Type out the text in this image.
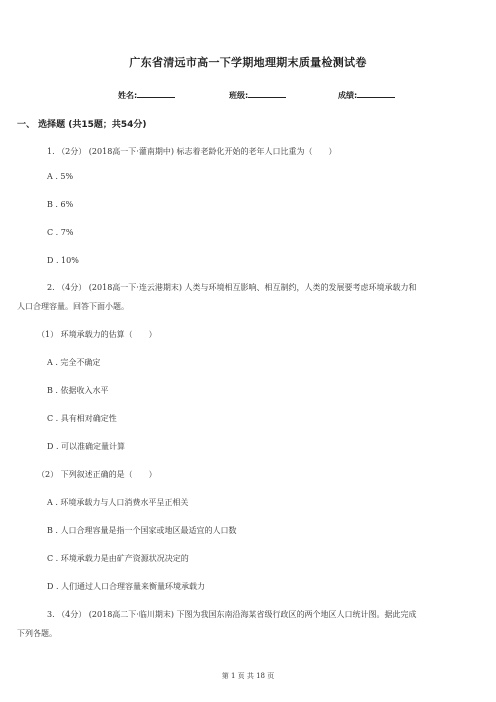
广东省清远市高一下学期地理期末质量检测试卷
姓名:	班级:	成绩:
一、 选择题 (共15题；共54分)
1. （2分） (2018高一下·灌南期中) 标志着老龄化开始的老年人口比重为（　　）
A . 5%
B . 6%
C . 7%
D . 10%
2. （4分） (2018高一下·连云港期末) 人类与环境相互影响、相互制约，人类的发展要考虑环境承载力和
人口合理容量。回答下面小题。
（1） 环境承载力的估算（　　）
A . 完全不确定
B . 依据收入水平
C . 具有相对确定性
D . 可以准确定量计算
（2） 下列叙述正确的是（　　）
A . 环境承载力与人口消费水平呈正相关
B . 人口合理容量是指一个国家或地区最适宜的人口数
C . 环境承载力是由矿产资源状况决定的
D . 人们通过人口合理容量来衡量环境承载力
3. （4分） (2018高二下·临川期末) 下图为我国东南沿海某省级行政区的两个地区人口统计图。据此完成
下列各题。
第 1 页 共 18 页
